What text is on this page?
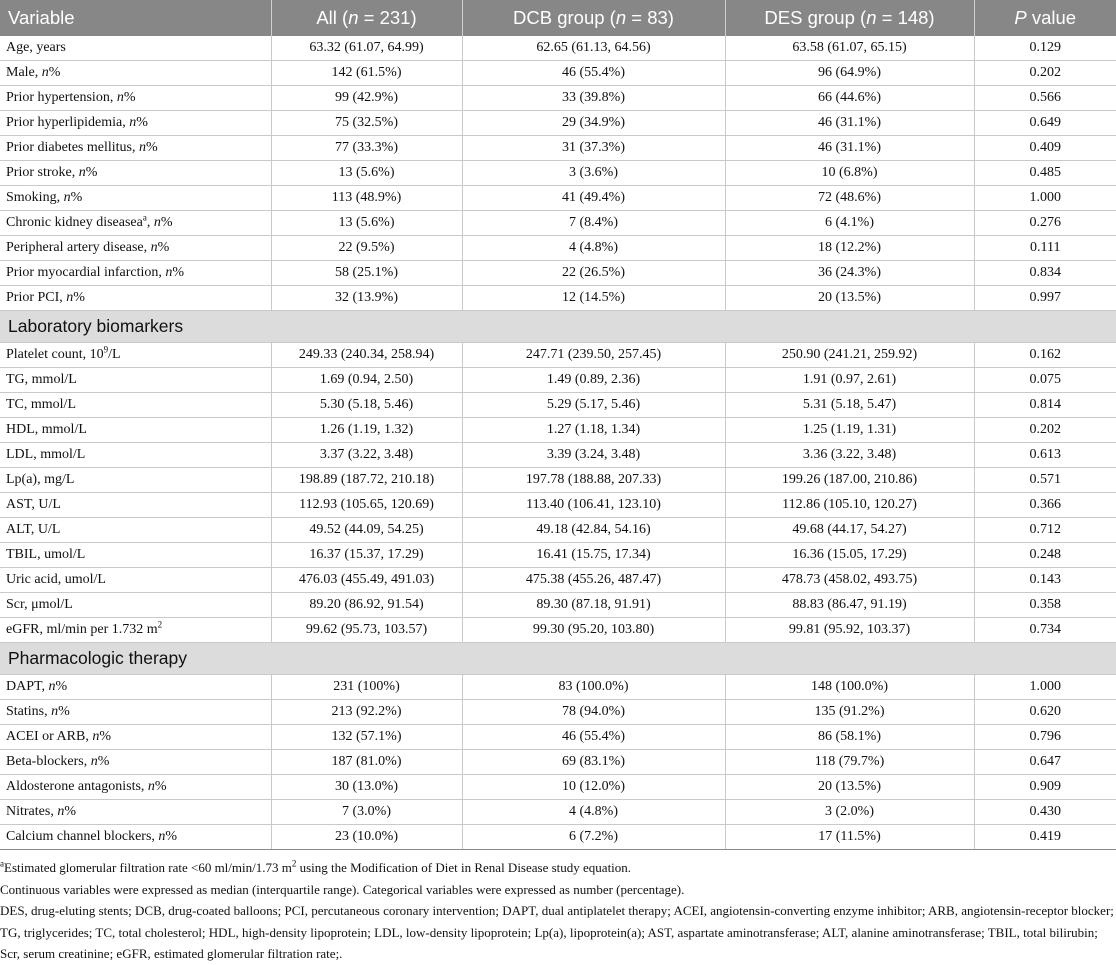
Variable	All (n = 231)	DCB group (n = 83)	DES group (n = 148)	P value
Age, years	63.32 (61.07, 64.99)	62.65 (61.13, 64.56)	63.58 (61.07, 65.15)	0.129
Male, n%	142 (61.5%)	46 (55.4%)	96 (64.9%)	0.202
Prior hypertension, n%	99 (42.9%)	33 (39.8%)	66 (44.6%)	0.566
Prior hyperlipidemia, n%	75 (32.5%)	29 (34.9%)	46 (31.1%)	0.649
Prior diabetes mellitus, n%	77 (33.3%)	31 (37.3%)	46 (31.1%)	0.409
Prior stroke, n%	13 (5.6%)	3 (3.6%)	10 (6.8%)	0.485
Smoking, n%	113 (48.9%)	41 (49.4%)	72 (48.6%)	1.000
Chronic kidney diseasea$^a$, n%	13 (5.6%)	7 (8.4%)	6 (4.1%)	0.276
Peripheral artery disease, n%	22 (9.5%)	4 (4.8%)	18 (12.2%)	0.111
Prior myocardial infarction, n%	58 (25.1%)	22 (26.5%)	36 (24.3%)	0.834
Prior PCI, n%	32 (13.9%)	12 (14.5%)	20 (13.5%)	0.997
Laboratory biomarkers				
Platelet count, $10^9/L$	249.33 (240.34, 258.94)	247.71 (239.50, 257.45)	250.90 (241.21, 259.92)	0.162
TG, mmol/L	1.69 (0.94, 2.50)	1.49 (0.89, 2.36)	1.91 (0.97, 2.61)	0.075
TC, mmol/L	5.30 (5.18, 5.46)	5.29 (5.17, 5.46)	5.31 (5.18, 5.47)	0.814
HDL, mmol/L	1.26 (1.19, 1.32)	1.27 (1.18, 1.34)	1.25 (1.19, 1.31)	0.202
LDL, mmol/L	3.37 (3.22, 3.48)	3.39 (3.24, 3.48)	3.36 (3.22, 3.48)	0.613
Lp(a), mg/L	198.89 (187.72, 210.18)	197.78 (188.88, 207.33)	199.26 (187.00, 210.86)	0.571
AST, U/L	112.93 (105.65, 120.69)	113.40 (106.41, 123.10)	112.86 (105.10, 120.27)	0.366
ALT, U/L	49.52 (44.09, 54.25)	49.18 (42.84, 54.16)	49.68 (44.17, 54.27)	0.712
TBIL, umol/L	16.37 (15.37, 17.29)	16.41 (15.75, 17.34)	16.36 (15.05, 17.29)	0.248
Uric acid, umol/L	476.03 (455.49, 491.03)	475.38 (455.26, 487.47)	478.73 (458.02, 493.75)	0.143
Scr, μmol/L	89.20 (86.92, 91.54)	89.30 (87.18, 91.91)	88.83 (86.47, 91.19)	0.358
eGFR, ml/min per 1.732 $m^2$	99.62 (95.73, 103.57)	99.30 (95.20, 103.80)	99.81 (95.92, 103.37)	0.734
Pharmacologic therapy				
DAPT, n%	231 (100%)	83 (100.0%)	148 (100.0%)	1.000
Statins, n%	213 (92.2%)	78 (94.0%)	135 (91.2%)	0.620
ACEI or ARB, n%	132 (57.1%)	46 (55.4%)	86 (58.1%)	0.796
Beta-blockers, n%	187 (81.0%)	69 (83.1%)	118 (79.7%)	0.647
Aldosterone antagonists, n%	30 (13.0%)	10 (12.0%)	20 (13.5%)	0.909
Nitrates, n%	7 (3.0%)	4 (4.8%)	3 (2.0%)	0.430
Calcium channel blockers, n%	23 (10.0%)	6 (7.2%)	17 (11.5%)	0.419

$^a$Estimated glomerular filtration rate <60 ml/min/1.73 $m^2$ using the Modification of Diet in Renal Disease study equation.

Continuous variables were expressed as median (interquartile range). Categorical variables were expressed as number (percentage).

DES, drug-eluting stents; DCB, drug-coated balloons; PCI, percutaneous coronary intervention; DAPT, dual antiplatelet therapy; ACEI, angiotensin-converting enzyme inhibitor; ARB, angiotensin-receptor blocker; TG, triglycerides; TC, total cholesterol; HDL, high-density lipoprotein; LDL, low-density lipoprotein; Lp(a), lipoprotein(a); AST, aspartate aminotransferase; ALT, alanine aminotransferase; TBIL, total bilirubin; Scr, serum creatinine; eGFR, estimated glomerular filtration rate;.
